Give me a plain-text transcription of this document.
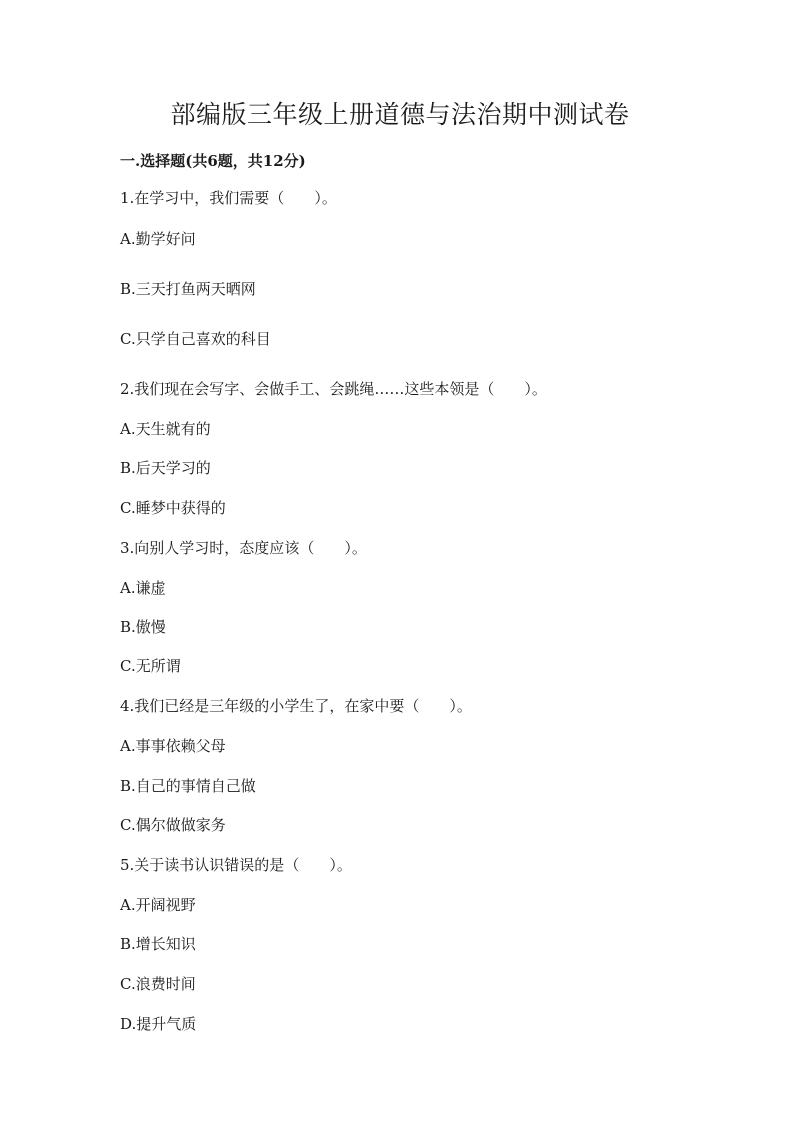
部编版三年级上册道德与法治期中测试卷
一.选择题(共6题，共12分)
1.在学习中，我们需要（　　）。
A.勤学好问
B.三天打鱼两天晒网
C.只学自己喜欢的科目
2.我们现在会写字、会做手工、会跳绳……这些本领是（　　）。
A.天生就有的
B.后天学习的
C.睡梦中获得的
3.向别人学习时，态度应该（　　）。
A.谦虚
B.傲慢
C.无所谓
4.我们已经是三年级的小学生了，在家中要（　　）。
A.事事依赖父母
B.自己的事情自己做
C.偶尔做做家务
5.关于读书认识错误的是（　　）。
A.开阔视野
B.增长知识
C.浪费时间
D.提升气质
